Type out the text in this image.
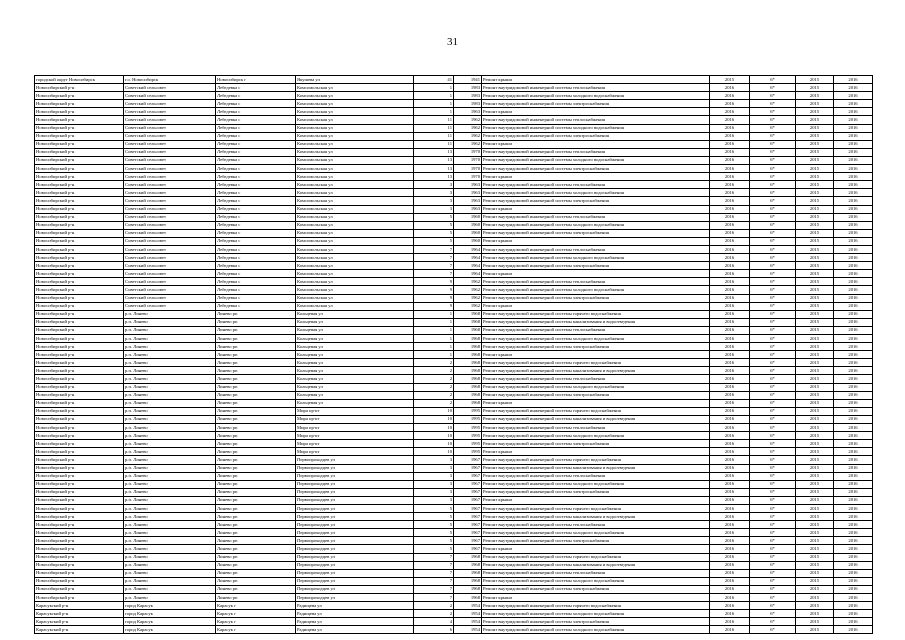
31
городской округ Новосибирск	г.о. Новосибирск	Новосибирск г	Якушева ул	41	1941	Ремонт крыши	2015	6*	2015	2016
Новосибирский р-н	Советский сельсовет	Лебедевка с	Комсомольская ул	1	1983	Ремонт внутридомовой инженерной системы теплоснабжения	2016	6*	2015	2016
Новосибирский р-н	Советский сельсовет	Лебедевка с	Комсомольская ул	1	1983	Ремонт внутридомовой инженерной системы холодного водоснабжения	2016	6*	2015	2016
Новосибирский р-н	Советский сельсовет	Лебедевка с	Комсомольская ул	1	1983	Ремонт внутридомовой инженерной системы электроснабжения	2016	6*	2015	2016
Новосибирский р-н	Советский сельсовет	Лебедевка с	Комсомольская ул	1	1963	Ремонт крыши	2016	6*	2015	2016
Новосибирский р-н	Советский сельсовет	Лебедевка с	Комсомольская ул	11	1962	Ремонт внутридомовой инженерной системы теплоснабжения	2016	6*	2015	2016
Новосибирский р-н	Советский сельсовет	Лебедевка с	Комсомольская ул	11	1962	Ремонт внутридомовой инженерной системы холодного водоснабжения	2016	6*	2015	2016
Новосибирский р-н	Советский сельсовет	Лебедевка с	Комсомольская ул	11	1962	Ремонт внутридомовой инженерной системы электроснабжения	2016	6*	2015	2016
Новосибирский р-н	Советский сельсовет	Лебедевка с	Комсомольская ул	11	1962	Ремонт крыши	2016	6*	2015	2016
Новосибирский р-н	Советский сельсовет	Лебедевка с	Комсомольская ул	13	1970	Ремонт внутридомовой инженерной системы теплоснабжения	2016	6*	2015	2016
Новосибирский р-н	Советский сельсовет	Лебедевка с	Комсомольская ул	13	1970	Ремонт внутридомовой инженерной системы холодного водоснабжения	2016	6*	2015	2016
Новосибирский р-н	Советский сельсовет	Лебедевка с	Комсомольская ул	13	1970	Ремонт внутридомовой инженерной системы электроснабжения	2016	6*	2015	2016
Новосибирский р-н	Советский сельсовет	Лебедевка с	Комсомольская ул	13	1970	Ремонт крыши	2016	6*	2015	2016
Новосибирский р-н	Советский сельсовет	Лебедевка с	Комсомольская ул	3	1963	Ремонт внутридомовой инженерной системы теплоснабжения	2016	6*	2015	2016
Новосибирский р-н	Советский сельсовет	Лебедевка с	Комсомольская ул	3	1963	Ремонт внутридомовой инженерной системы холодного водоснабжения	2016	6*	2015	2016
Новосибирский р-н	Советский сельсовет	Лебедевка с	Комсомольская ул	3	1963	Ремонт внутридомовой инженерной системы электроснабжения	2016	6*	2015	2016
Новосибирский р-н	Советский сельсовет	Лебедевка с	Комсомольская ул	3	1963	Ремонт крыши	2016	6*	2015	2016
Новосибирский р-н	Советский сельсовет	Лебедевка с	Комсомольская ул	5	1960	Ремонт внутридомовой инженерной системы теплоснабжения	2016	6*	2015	2016
Новосибирский р-н	Советский сельсовет	Лебедевка с	Комсомольская ул	5	1960	Ремонт внутридомовой инженерной системы холодного водоснабжения	2016	6*	2015	2016
Новосибирский р-н	Советский сельсовет	Лебедевка с	Комсомольская ул	5	1960	Ремонт внутридомовой инженерной системы электроснабжения	2016	6*	2015	2016
Новосибирский р-н	Советский сельсовет	Лебедевка с	Комсомольская ул	5	1960	Ремонт крыши	2016	6*	2015	2016
Новосибирский р-н	Советский сельсовет	Лебедевка с	Комсомольская ул	7	1964	Ремонт внутридомовой инженерной системы теплоснабжения	2016	6*	2015	2016
Новосибирский р-н	Советский сельсовет	Лебедевка с	Комсомольская ул	7	1964	Ремонт внутридомовой инженерной системы холодного водоснабжения	2016	6*	2015	2016
Новосибирский р-н	Советский сельсовет	Лебедевка с	Комсомольская ул	7	1964	Ремонт внутридомовой инженерной системы электроснабжения	2016	6*	2015	2016
Новосибирский р-н	Советский сельсовет	Лебедевка с	Комсомольская ул	7	1964	Ремонт крыши	2016	6*	2015	2016
Новосибирский р-н	Советский сельсовет	Лебедевка с	Комсомольская ул	9	1962	Ремонт внутридомовой инженерной системы теплоснабжения	2016	6*	2015	2016
Новосибирский р-н	Советский сельсовет	Лебедевка с	Комсомольская ул	9	1962	Ремонт внутридомовой инженерной системы холодного водоснабжения	2016	6*	2015	2016
Новосибирский р-н	Советский сельсовет	Лебедевка с	Комсомольская ул	9	1962	Ремонт внутридомовой инженерной системы электроснабжения	2016	6*	2015	2016
Новосибирский р-н	Советский сельсовет	Лебедевка с	Комсомольская ул	9	1962	Ремонт крыши	2016	6*	2015	2016
Новосибирский р-н	р.п. Линево	Линево рп	Кольцевая ул	1	1968	Ремонт внутридомовой инженерной системы горячего водоснабжения	2016	6*	2015	2016
Новосибирский р-н	р.п. Линево	Линево рп	Кольцевая ул	1	1968	Ремонт внутридомовой инженерной системы канализования и водоотведения	2016	6*	2015	2016
Новосибирский р-н	р.п. Линево	Линево рп	Кольцевая ул	1	1968	Ремонт внутридомовой инженерной системы теплоснабжения	2016	6*	2015	2016
Новосибирский р-н	р.п. Линево	Линево рп	Кольцевая ул	1	1968	Ремонт внутридомовой инженерной системы холодного водоснабжения	2016	6*	2015	2016
Новосибирский р-н	р.п. Линево	Линево рп	Кольцевая ул	1	1968	Ремонт внутридомовой инженерной системы электроснабжения	2016	6*	2015	2016
Новосибирский р-н	р.п. Линево	Линево рп	Кольцевая ул	1	1968	Ремонт крыши	2016	6*	2015	2016
Новосибирский р-н	р.п. Линево	Линево рп	Кольцевая ул	2	1968	Ремонт внутридомовой инженерной системы горячего водоснабжения	2016	6*	2015	2016
Новосибирский р-н	р.п. Линево	Линево рп	Кольцевая ул	2	1968	Ремонт внутридомовой инженерной системы канализования и водоотведения	2016	6*	2015	2016
Новосибирский р-н	р.п. Линево	Линево рп	Кольцевая ул	2	1968	Ремонт внутридомовой инженерной системы теплоснабжения	2016	6*	2015	2016
Новосибирский р-н	р.п. Линево	Линево рп	Кольцевая ул	2	1968	Ремонт внутридомовой инженерной системы холодного водоснабжения	2016	6*	2015	2016
Новосибирский р-н	р.п. Линево	Линево рп	Кольцевая ул	2	1968	Ремонт внутридомовой инженерной системы электроснабжения	2016	6*	2015	2016
Новосибирский р-н	р.п. Линево	Линево рп	Кольцевая ул	2	1968	Ремонт крыши	2016	6*	2015	2016
Новосибирский р-н	р.п. Линево	Линево рп	Мира пр-кт	10	1995	Ремонт внутридомовой инженерной системы горячего водоснабжения	2016	6*	2015	2016
Новосибирский р-н	р.п. Линево	Линево рп	Мира пр-кт	10	1995	Ремонт внутридомовой инженерной системы канализования и водоотведения	2016	6*	2015	2016
Новосибирский р-н	р.п. Линево	Линево рп	Мира пр-кт	10	1995	Ремонт внутридомовой инженерной системы теплоснабжения	2016	6*	2015	2016
Новосибирский р-н	р.п. Линево	Линево рп	Мира пр-кт	10	1995	Ремонт внутридомовой инженерной системы холодного водоснабжения	2016	6*	2015	2016
Новосибирский р-н	р.п. Линево	Линево рп	Мира пр-кт	10	1995	Ремонт внутридомовой инженерной системы электроснабжения	2016	6*	2015	2016
Новосибирский р-н	р.п. Линево	Линево рп	Мира пр-кт	10	1995	Ремонт крыши	2016	6*	2015	2016
Новосибирский р-н	р.п. Линево	Линево рп	Первопроходцев ул	3	1967	Ремонт внутридомовой инженерной системы горячего водоснабжения	2016	6*	2015	2016
Новосибирский р-н	р.п. Линево	Линево рп	Первопроходцев ул	3	1967	Ремонт внутридомовой инженерной системы канализования и водоотведения	2016	6*	2015	2016
Новосибирский р-н	р.п. Линево	Линево рп	Первопроходцев ул	3	1967	Ремонт внутридомовой инженерной системы теплоснабжения	2016	6*	2015	2016
Новосибирский р-н	р.п. Линево	Линево рп	Первопроходцев ул	3	1967	Ремонт внутридомовой инженерной системы холодного водоснабжения	2016	6*	2015	2016
Новосибирский р-н	р.п. Линево	Линево рп	Первопроходцев ул	3	1967	Ремонт внутридомовой инженерной системы электроснабжения	2016	6*	2015	2016
Новосибирский р-н	р.п. Линево	Линево рп	Первопроходцев ул	3	1967	Ремонт крыши	2016	6*	2015	2016
Новосибирский р-н	р.п. Линево	Линево рп	Первопроходцев ул	5	1967	Ремонт внутридомовой инженерной системы горячего водоснабжения	2016	6*	2015	2016
Новосибирский р-н	р.п. Линево	Линево рп	Первопроходцев ул	5	1967	Ремонт внутридомовой инженерной системы канализования и водоотведения	2016	6*	2015	2016
Новосибирский р-н	р.п. Линево	Линево рп	Первопроходцев ул	5	1967	Ремонт внутридомовой инженерной системы теплоснабжения	2016	6*	2015	2016
Новосибирский р-н	р.п. Линево	Линево рп	Первопроходцев ул	5	1967	Ремонт внутридомовой инженерной системы холодного водоснабжения	2016	6*	2015	2016
Новосибирский р-н	р.п. Линево	Линево рп	Первопроходцев ул	5	1967	Ремонт внутридомовой инженерной системы электроснабжения	2016	6*	2015	2016
Новосибирский р-н	р.п. Линево	Линево рп	Первопроходцев ул	5	1967	Ремонт крыши	2016	6*	2015	2016
Новосибирский р-н	р.п. Линево	Линево рп	Первопроходцев ул	7	1968	Ремонт внутридомовой инженерной системы горячего водоснабжения	2016	6*	2015	2016
Новосибирский р-н	р.п. Линево	Линево рп	Первопроходцев ул	7	1968	Ремонт внутридомовой инженерной системы канализования и водоотведения	2016	6*	2015	2016
Новосибирский р-н	р.п. Линево	Линево рп	Первопроходцев ул	7	1968	Ремонт внутридомовой инженерной системы теплоснабжения	2016	6*	2015	2016
Новосибирский р-н	р.п. Линево	Линево рп	Первопроходцев ул	7	1968	Ремонт внутридомовой инженерной системы холодного водоснабжения	2016	6*	2015	2016
Новосибирский р-н	р.п. Линево	Линево рп	Первопроходцев ул	7	1968	Ремонт внутридомовой инженерной системы электроснабжения	2016	6*	2015	2016
Новосибирский р-н	р.п. Линево	Линево рп	Первопроходцев ул	7	1968	Ремонт крыши	2016	6*	2015	2016
Карасукский р-н	город Карасук	Карасук г	Радищева ул	2	1954	Ремонт внутридомовой инженерной системы горячего водоснабжения	2016	6*	2015	2016
Карасукский р-н	город Карасук	Карасук г	Радищева ул	2	1954	Ремонт внутридомовой инженерной системы холодного водоснабжения	2016	6*	2015	2016
Карасукский р-н	город Карасук	Карасук г	Радищева ул	4	1954	Ремонт внутридомовой инженерной системы электроснабжения	2016	6*	2015	2016
Карасукский р-н	город Карасук	Карасук г	Радищева ул	6	1954	Ремонт внутридомовой инженерной системы холодного водоснабжения	2016	6*	2015	2016
